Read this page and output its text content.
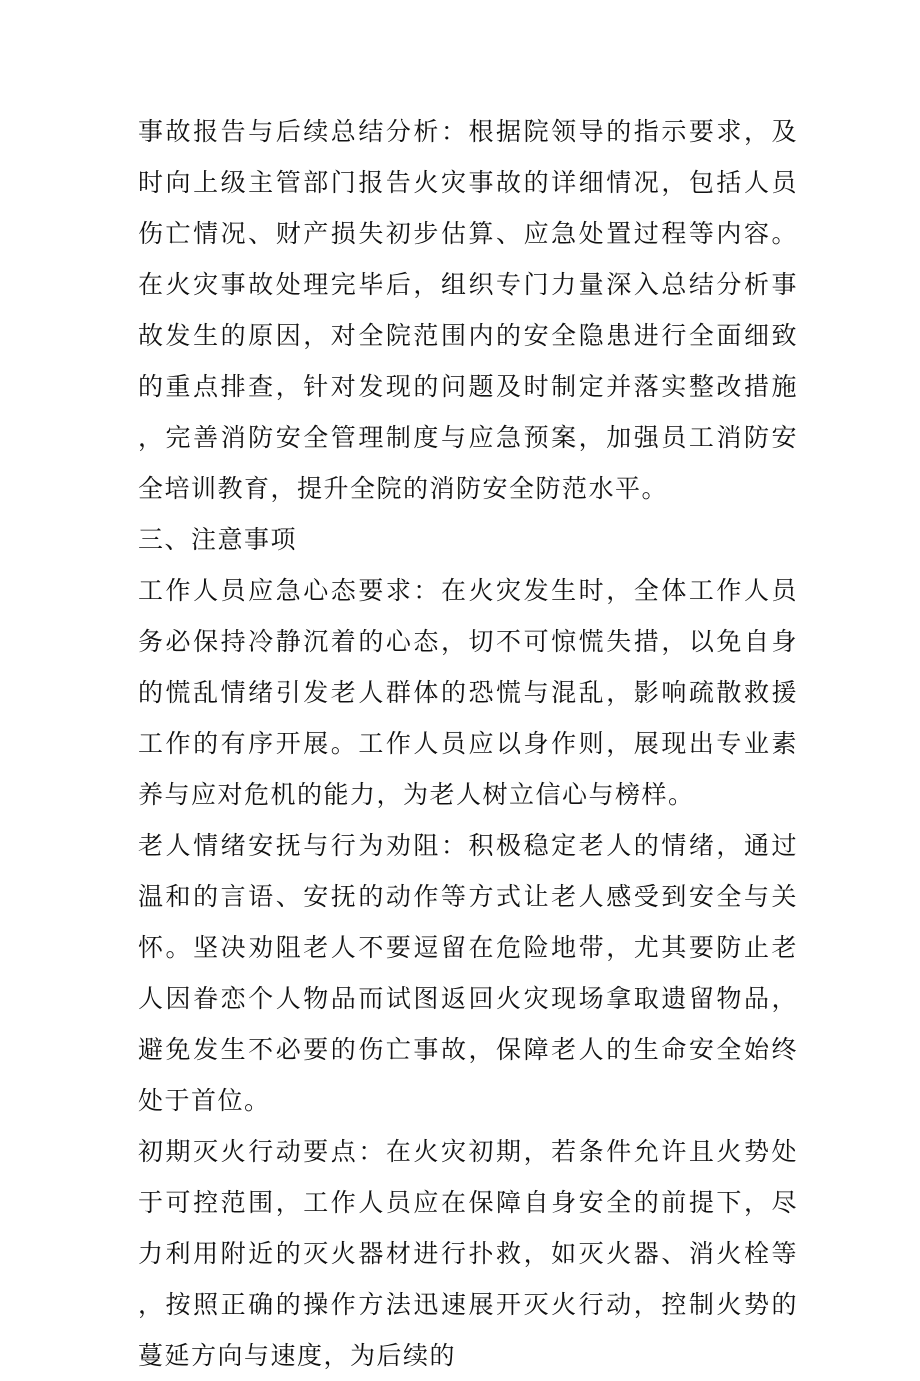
事故报告与后续总结分析：根据院领导的指示要求，及时向上级主管部门报告火灾事故的详细情况，包括人员伤亡情况、财产损失初步估算、应急处置过程等内容。在火灾事故处理完毕后，组织专门力量深入总结分析事故发生的原因，对全院范围内的安全隐患进行全面细致的重点排查，针对发现的问题及时制定并落实整改措施，完善消防安全管理制度与应急预案，加强员工消防安全培训教育，提升全院的消防安全防范水平。

三、注意事项

工作人员应急心态要求：在火灾发生时，全体工作人员务必保持冷静沉着的心态，切不可惊慌失措，以免自身的慌乱情绪引发老人群体的恐慌与混乱，影响疏散救援工作的有序开展。工作人员应以身作则，展现出专业素养与应对危机的能力，为老人树立信心与榜样。

老人情绪安抚与行为劝阻：积极稳定老人的情绪，通过温和的言语、安抚的动作等方式让老人感受到安全与关怀。坚决劝阻老人不要逗留在危险地带，尤其要防止老人因眷恋个人物品而试图返回火灾现场拿取遗留物品，避免发生不必要的伤亡事故，保障老人的生命安全始终处于首位。

初期灭火行动要点：在火灾初期，若条件允许且火势处于可控范围，工作人员应在保障自身安全的前提下，尽力利用附近的灭火器材进行扑救，如灭火器、消火栓等，按照正确的操作方法迅速展开灭火行动，控制火势的蔓延方向与速度，为后续的
